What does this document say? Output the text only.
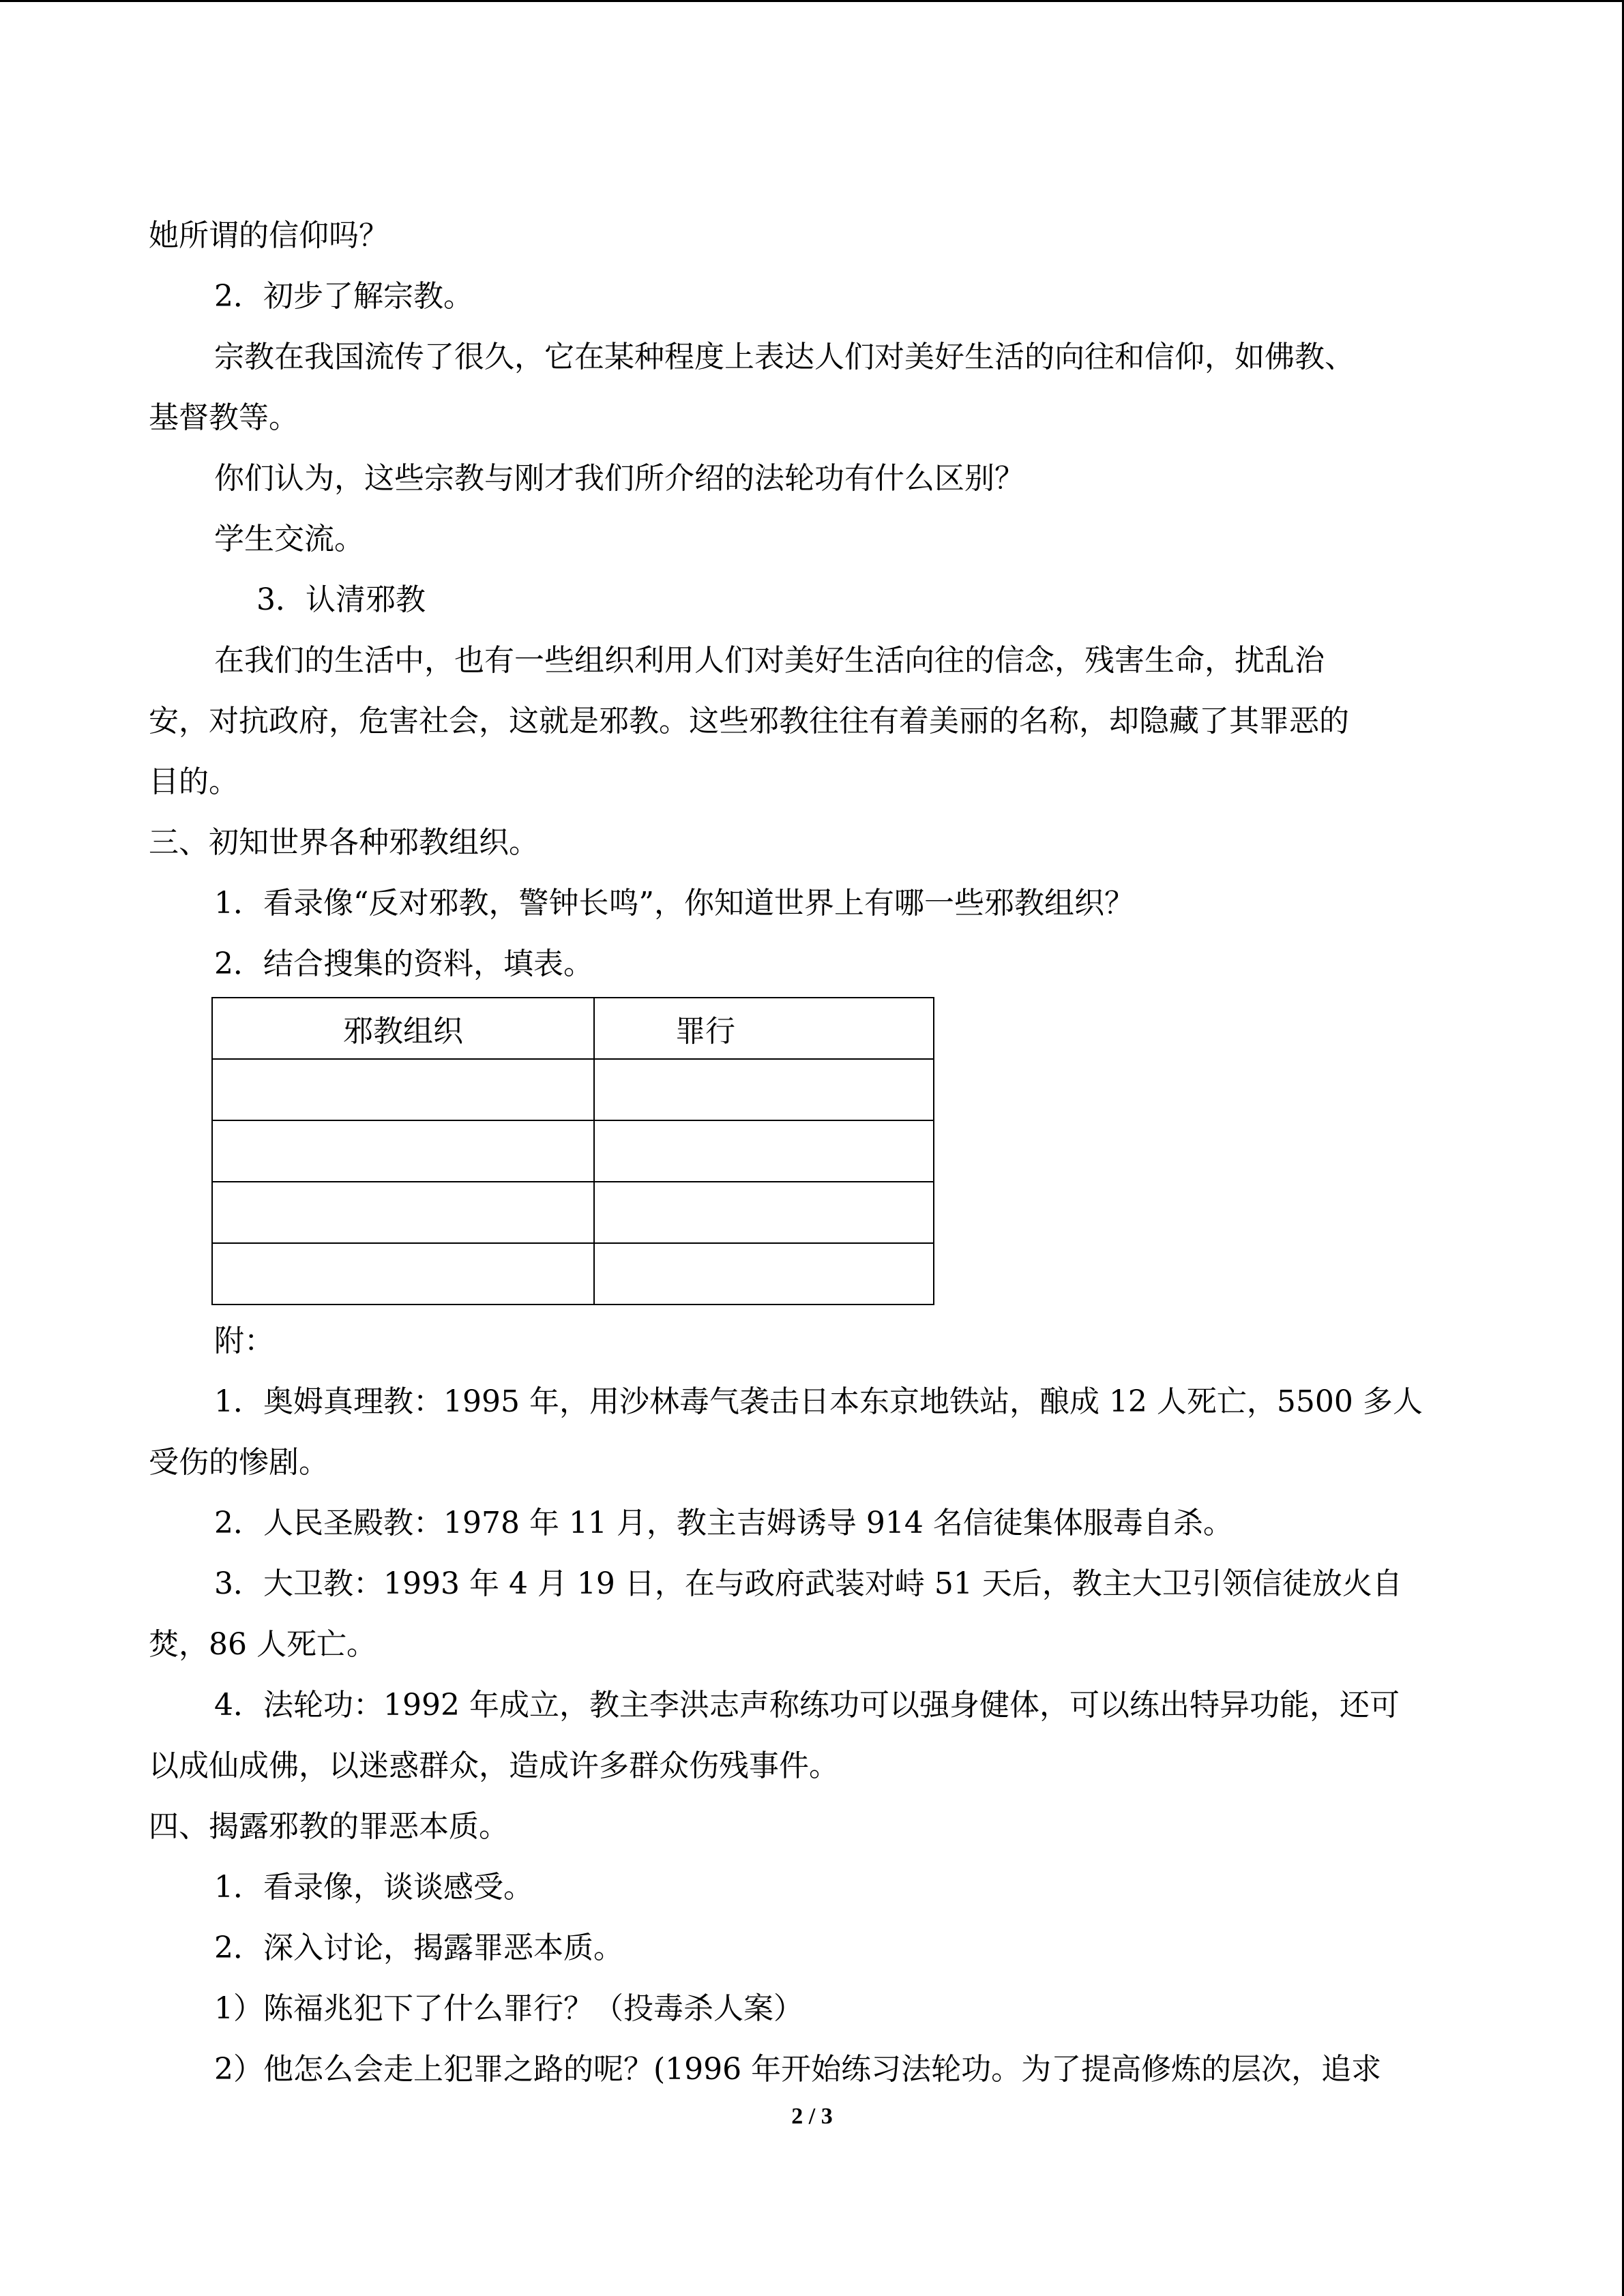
她所谓的信仰吗？
2．初步了解宗教。
宗教在我国流传了很久，它在某种程度上表达人们对美好生活的向往和信仰，如佛教、
基督教等。
你们认为，这些宗教与刚才我们所介绍的法轮功有什么区别？
学生交流。
3．认清邪教
在我们的生活中，也有一些组织利用人们对美好生活向往的信念，残害生命，扰乱治
安，对抗政府，危害社会，这就是邪教。这些邪教往往有着美丽的名称，却隐藏了其罪恶的
目的。
三、初知世界各种邪教组织。
1．看录像“反对邪教，警钟长鸣”，你知道世界上有哪一些邪教组织？
2．结合搜集的资料，填表。
邪教组织	罪行

附：
1．奥姆真理教：1995 年，用沙林毒气袭击日本东京地铁站，酿成 12 人死亡，5500 多人
受伤的惨剧。
2．人民圣殿教：1978 年 11 月，教主吉姆诱导 914 名信徒集体服毒自杀。
3．大卫教：1993 年 4 月 19 日，在与政府武装对峙 51 天后，教主大卫引领信徒放火自
焚，86 人死亡。
4．法轮功：1992 年成立，教主李洪志声称练功可以强身健体，可以练出特异功能，还可
以成仙成佛，以迷惑群众，造成许多群众伤残事件。
四、揭露邪教的罪恶本质。
1．看录像，谈谈感受。
2．深入讨论，揭露罪恶本质。
1）陈福兆犯下了什么罪行？（投毒杀人案）
2）他怎么会走上犯罪之路的呢？(1996 年开始练习法轮功。为了提高修炼的层次，追求
2 / 3
